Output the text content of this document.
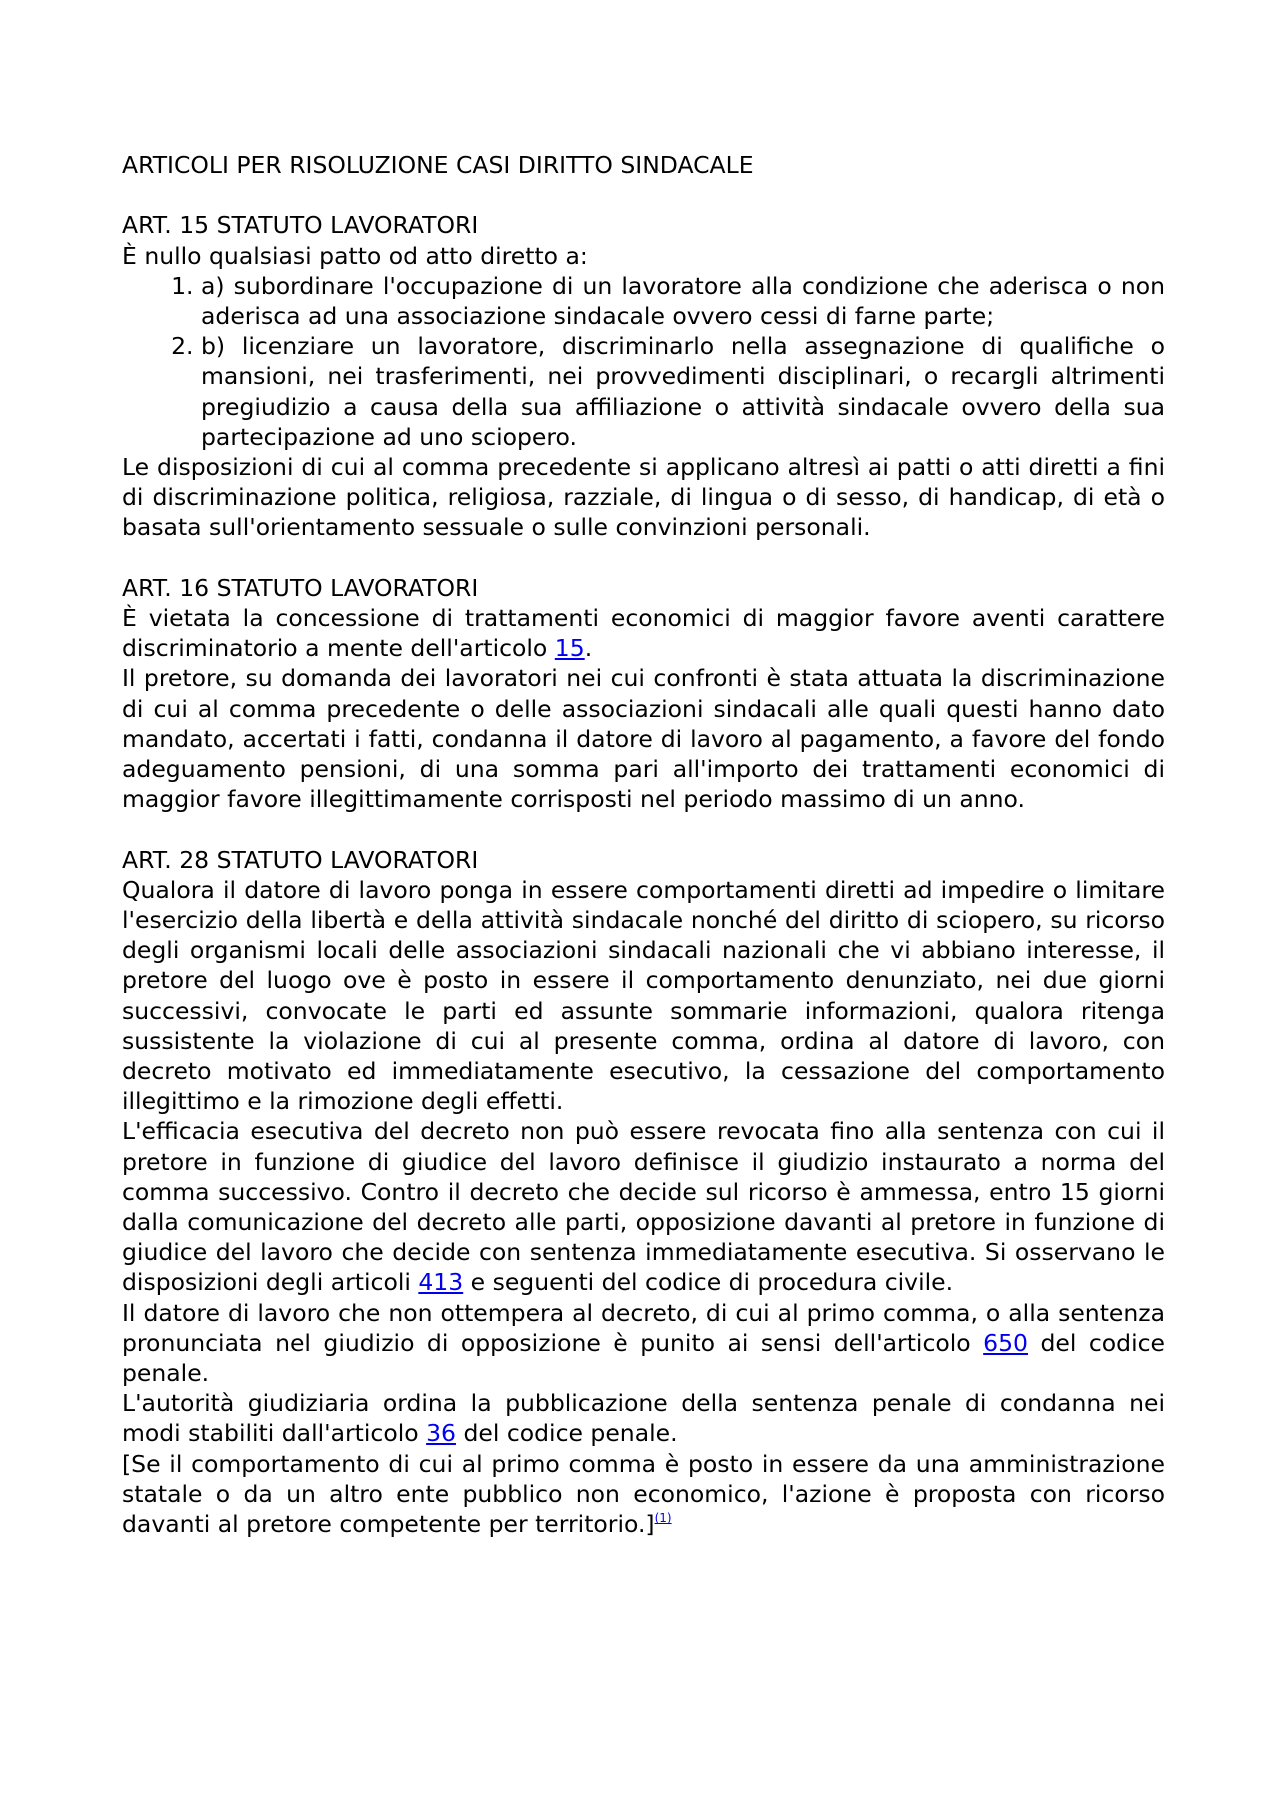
ARTICOLI PER RISOLUZIONE CASI DIRITTO SINDACALE

ART. 15 STATUTO LAVORATORI

È nullo qualsiasi patto od atto diretto a:

1. a) subordinare l'occupazione di un lavoratore alla condizione che aderisca o non aderisca ad una associazione sindacale ovvero cessi di farne parte;
2. b) licenziare un lavoratore, discriminarlo nella assegnazione di qualifiche o mansioni, nei trasferimenti, nei provvedimenti disciplinari, o recargli altrimenti pregiudizio a causa della sua affiliazione o attività sindacale ovvero della sua partecipazione ad uno sciopero.

Le disposizioni di cui al comma precedente si applicano altresì ai patti o atti diretti a fini di discriminazione politica, religiosa, razziale, di lingua o di sesso, di handicap, di età o basata sull'orientamento sessuale o sulle convinzioni personali.

ART. 16 STATUTO LAVORATORI

È vietata la concessione di trattamenti economici di maggior favore aventi carattere discriminatorio a mente dell'articolo 15.

Il pretore, su domanda dei lavoratori nei cui confronti è stata attuata la discriminazione di cui al comma precedente o delle associazioni sindacali alle quali questi hanno dato mandato, accertati i fatti, condanna il datore di lavoro al pagamento, a favore del fondo adeguamento pensioni, di una somma pari all'importo dei trattamenti economici di maggior favore illegittimamente corrisposti nel periodo massimo di un anno.

ART. 28 STATUTO LAVORATORI

Qualora il datore di lavoro ponga in essere comportamenti diretti ad impedire o limitare l'esercizio della libertà e della attività sindacale nonché del diritto di sciopero, su ricorso degli organismi locali delle associazioni sindacali nazionali che vi abbiano interesse, il pretore del luogo ove è posto in essere il comportamento denunziato, nei due giorni successivi, convocate le parti ed assunte sommarie informazioni, qualora ritenga sussistente la violazione di cui al presente comma, ordina al datore di lavoro, con decreto motivato ed immediatamente esecutivo, la cessazione del comportamento illegittimo e la rimozione degli effetti.

L'efficacia esecutiva del decreto non può essere revocata fino alla sentenza con cui il pretore in funzione di giudice del lavoro definisce il giudizio instaurato a norma del comma successivo. Contro il decreto che decide sul ricorso è ammessa, entro 15 giorni dalla comunicazione del decreto alle parti, opposizione davanti al pretore in funzione di giudice del lavoro che decide con sentenza immediatamente esecutiva. Si osservano le disposizioni degli articoli 413 e seguenti del codice di procedura civile.

Il datore di lavoro che non ottempera al decreto, di cui al primo comma, o alla sentenza pronunciata nel giudizio di opposizione è punito ai sensi dell'articolo 650 del codice penale.

L'autorità giudiziaria ordina la pubblicazione della sentenza penale di condanna nei modi stabiliti dall'articolo 36 del codice penale.

[Se il comportamento di cui al primo comma è posto in essere da una amministrazione statale o da un altro ente pubblico non economico, l'azione è proposta con ricorso davanti al pretore competente per territorio.]$^{(1)}$
